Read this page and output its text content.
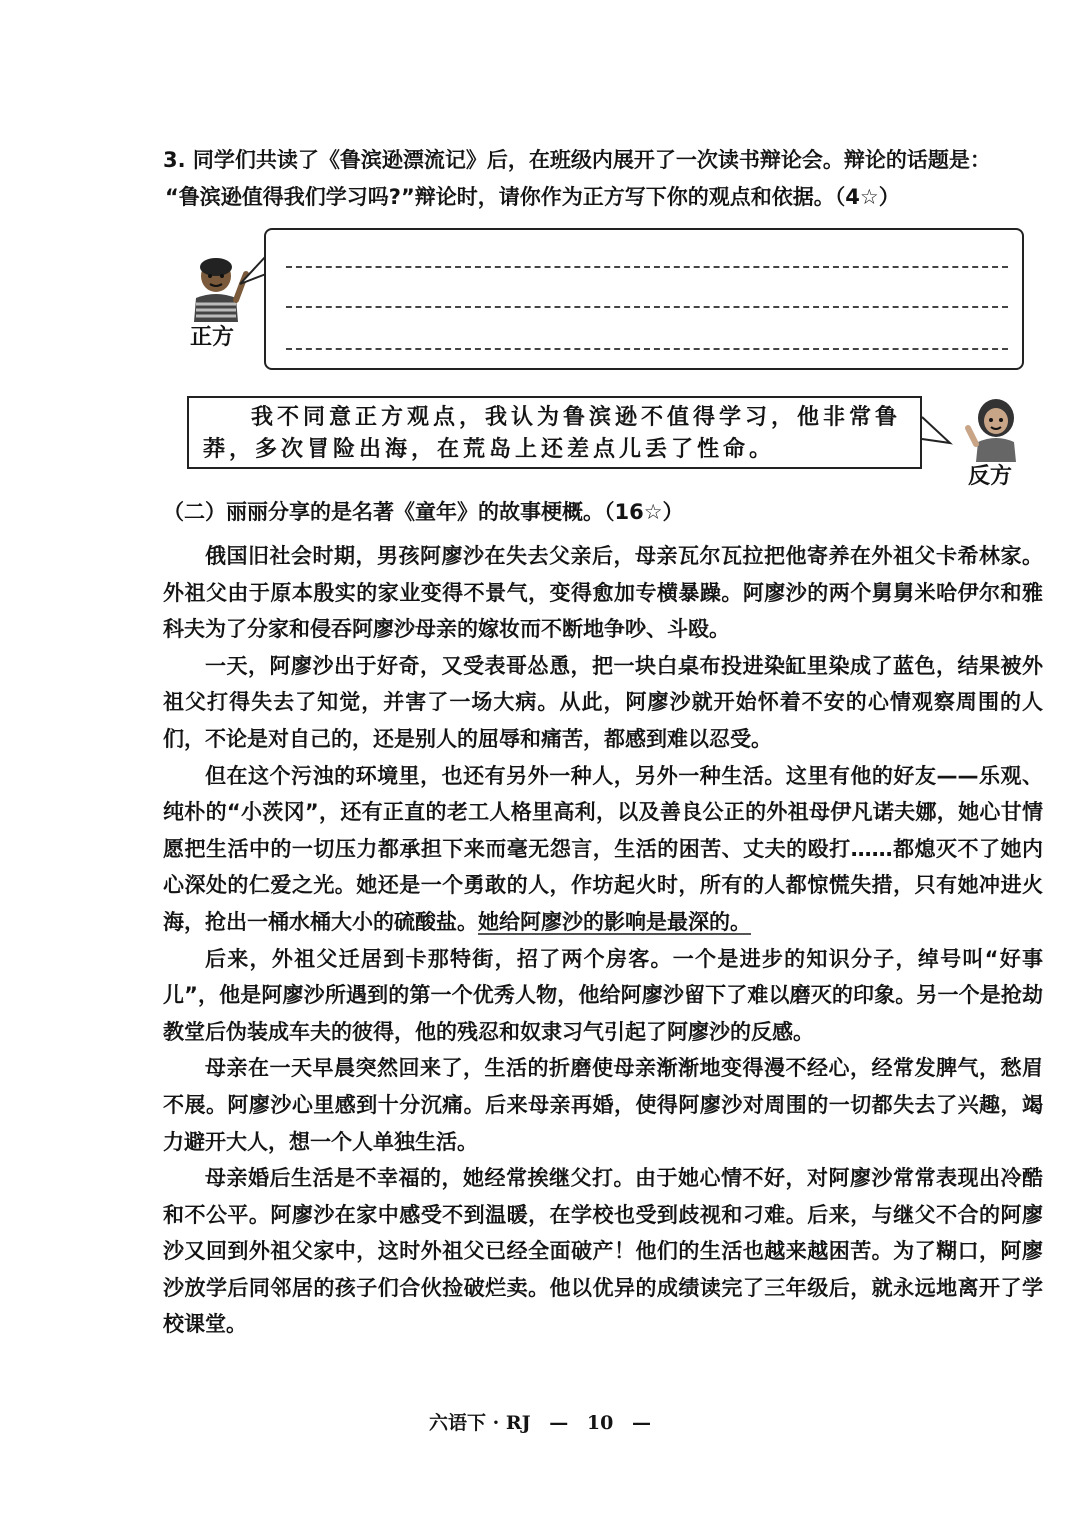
3. 同学们共读了《鲁滨逊漂流记》后，在班级内展开了一次读书辩论会。辩论的话题是：
“鲁滨逊值得我们学习吗?”辩论时，请你作为正方写下你的观点和依据。（4☆）
正方
我不同意正方观点，我认为鲁滨逊不值得学习，他非常鲁
莽，多次冒险出海，在荒岛上还差点儿丢了性命。
反方
（二）丽丽分享的是名著《童年》的故事梗概。（16☆）

俄国旧社会时期，男孩阿廖沙在失去父亲后，母亲瓦尔瓦拉把他寄养在外祖父卡希林家。外祖父由于原本殷实的家业变得不景气，变得愈加专横暴躁。阿廖沙的两个舅舅米哈伊尔和雅科夫为了分家和侵吞阿廖沙母亲的嫁妆而不断地争吵、斗殴。

一天，阿廖沙出于好奇，又受表哥怂恿，把一块白桌布投进染缸里染成了蓝色，结果被外祖父打得失去了知觉，并害了一场大病。从此，阿廖沙就开始怀着不安的心情观察周围的人们，不论是对自己的，还是别人的屈辱和痛苦，都感到难以忍受。

但在这个污浊的环境里，也还有另外一种人，另外一种生活。这里有他的好友——乐观、纯朴的“小茨冈”，还有正直的老工人格里高利，以及善良公正的外祖母伊凡诺夫娜，她心甘情愿把生活中的一切压力都承担下来而毫无怨言，生活的困苦、丈夫的殴打……都熄灭不了她内心深处的仁爱之光。她还是一个勇敢的人，作坊起火时，所有的人都惊慌失措，只有她冲进火海，抢出一桶水桶大小的硫酸盐。她给阿廖沙的影响是最深的。

后来，外祖父迁居到卡那特街，招了两个房客。一个是进步的知识分子，绰号叫“好事儿”，他是阿廖沙所遇到的第一个优秀人物，他给阿廖沙留下了难以磨灭的印象。另一个是抢劫教堂后伪装成车夫的彼得，他的残忍和奴隶习气引起了阿廖沙的反感。

母亲在一天早晨突然回来了，生活的折磨使母亲渐渐地变得漫不经心，经常发脾气，愁眉不展。阿廖沙心里感到十分沉痛。后来母亲再婚，使得阿廖沙对周围的一切都失去了兴趣，竭力避开大人，想一个人单独生活。

母亲婚后生活是不幸福的，她经常挨继父打。由于她心情不好，对阿廖沙常常表现出冷酷和不公平。阿廖沙在家中感受不到温暖，在学校也受到歧视和刁难。后来，与继父不合的阿廖沙又回到外祖父家中，这时外祖父已经全面破产！他们的生活也越来越困苦。为了糊口，阿廖沙放学后同邻居的孩子们合伙捡破烂卖。他以优异的成绩读完了三年级后，就永远地离开了学校课堂。

六语下 · RJ — 10 —
